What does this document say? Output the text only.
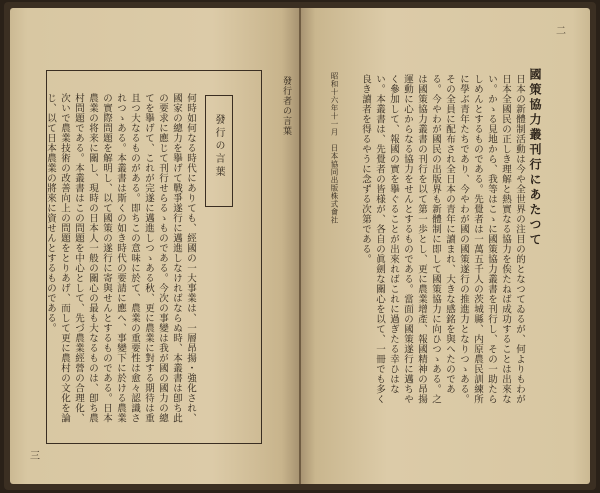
發行者の言葉
三
發行の言葉
何時如何なる時代にありても、經國の一大事業は、一層昂揚・強化され、國家の總力を擧げて戰爭遂行に邁進しなければならぬ時、本叢書は卽ち此の要求に應じて刊行せらるゝものである。今次の事變は我が國の國力の總てを擧げて、これが完遂に邁進しつゝある秋、更に農業に對する期待は重且つ大なるものがある。即ちこの意味に於て、農業の重要性は愈々認識されつゝある。本叢書は斯くの如き時代の要請に應へ、事變下に於ける農業の實際問題を解明し、以て國策の遂行に寄與せんとするものである。日本農業の将来に關し、現時の日本人一般の關心の最も大なるものは、卽ち農村問題である。本叢書はこの問題を中心として、先づ農業經營の合理化、次いで農業技術の改善向上の問題をとりあげ、而して更に農村の文化を論じ、以て日本農業の將來に資せんとするものである。
二
國策協力叢刊行にあたつて
日本の新體制活動は今や全世界の注目の的となつてゐるが、何よりもわが日本全國民の正しき理解と熱實なる協力を俟たねば成功することは出來ない。かゝる見地から、我等はこゝに國策協力叢書を刊行し、その一助たらしめんとするものである。先覺者は一萬五千人の茨城縣、内原農民訓練所に學ぶ青年たちであり、今やわが國の國策遂行の推進力となりつゝある。その全員に配布され全日本の青年に讀まれ、大きな感銘を與へたのである。今やわが國民の出版界も新體制に即して國策協力に向ひつゝある。之は國策協力叢書の刊行を以て第一歩とし、更に農業增產、報國精神の昂揚運動に心からなる協力をせんとするものである。當面の國策遂行に邁ちやく參加して、報國の實を擧ぐることが出來ればこれに過ぎたる幸ひはない。本叢書は、先覺者の皆様が、各自の眞劍な關心を以て、一冊でも多く良き讀者を得るやうに念ずる次第である。
昭和十六年十一月　日本協同出版株式會社
